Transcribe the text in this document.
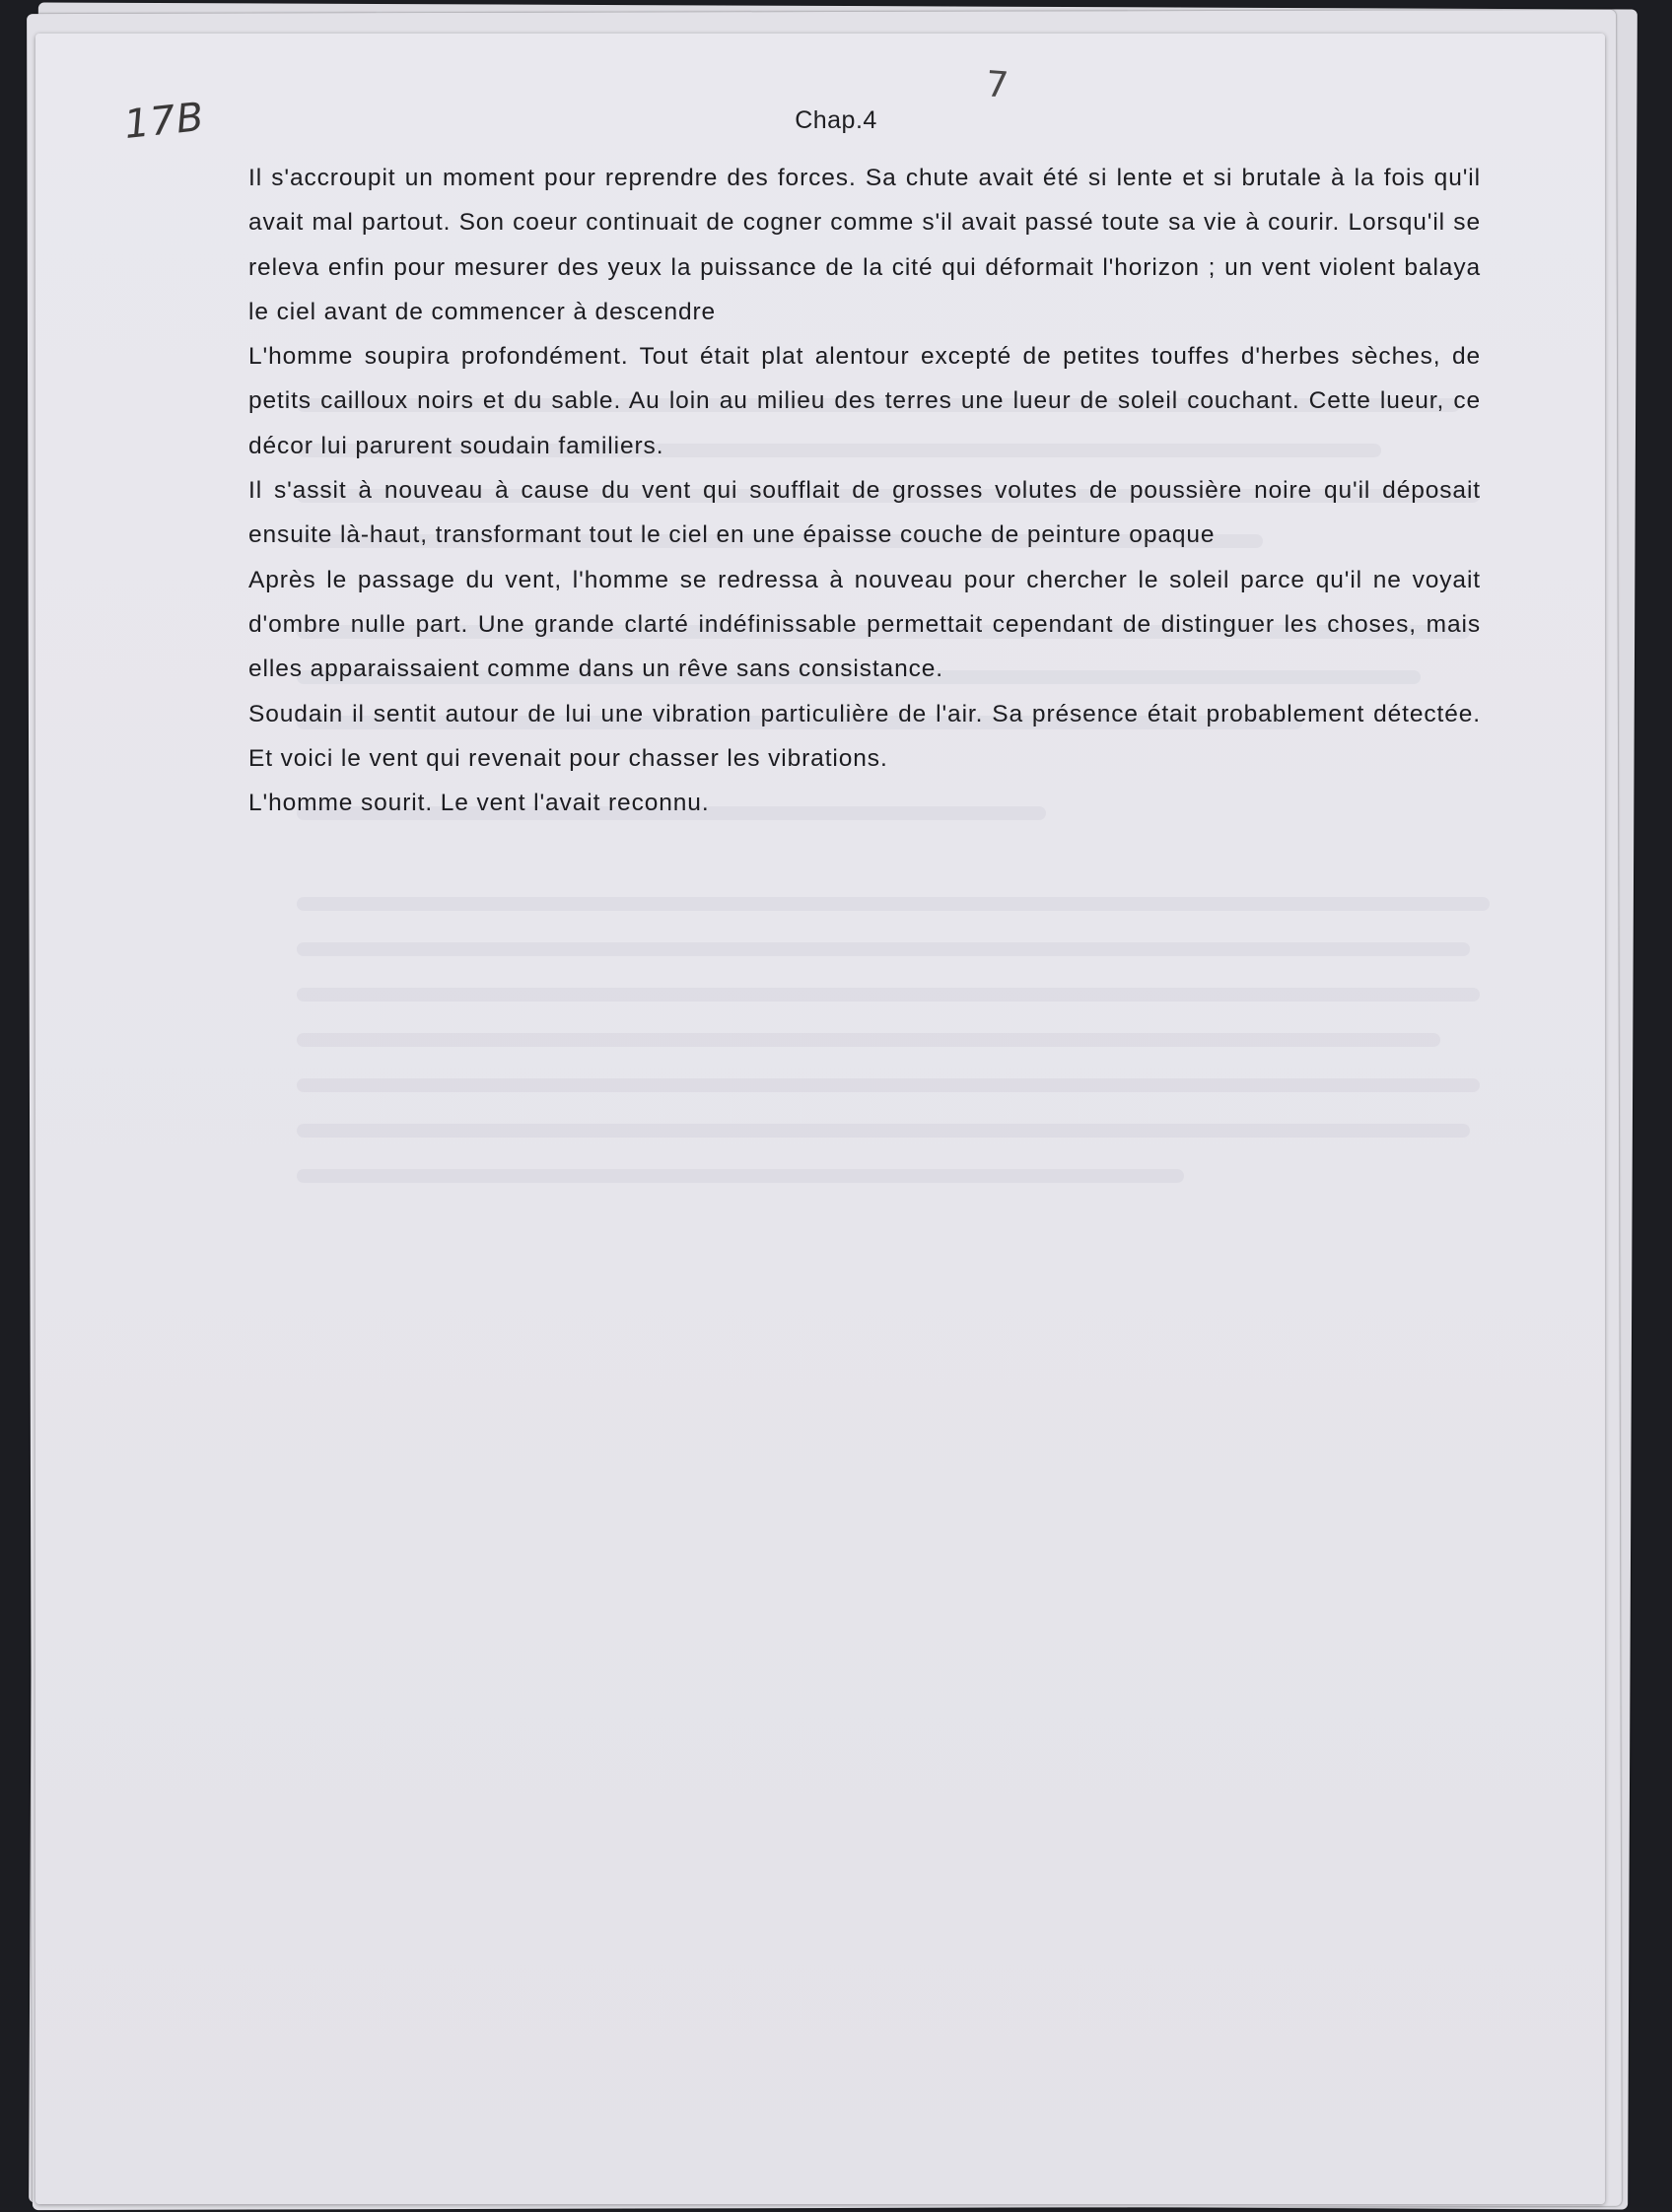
17B
7
Chap.4

Il s'accroupit un moment pour reprendre des forces. Sa chute avait été si lente et si brutale à la fois qu'il avait mal partout. Son coeur continuait de cogner comme s'il avait passé toute sa vie à courir. Lorsqu'il se releva enfin pour mesurer des yeux la puissance de la cité qui déformait l'horizon ; un vent violent balaya le ciel avant de commencer à descendre

L'homme soupira profondément. Tout était plat alentour excepté de petites touffes d'herbes sèches, de petits cailloux noirs et du sable. Au loin au milieu des terres une lueur de soleil couchant. Cette lueur, ce décor lui parurent soudain familiers.

Il s'assit à nouveau à cause du vent qui soufflait de grosses volutes de poussière noire qu'il déposait ensuite là-haut, transformant tout le ciel en une épaisse couche de peinture opaque

Après le passage du vent, l'homme se redressa à nouveau pour chercher le soleil parce qu'il ne voyait d'ombre nulle part. Une grande clarté indéfinissable permettait cependant de distinguer les choses, mais elles apparaissaient comme dans un rêve sans consistance.

Soudain il sentit autour de lui une vibration particulière de l'air. Sa présence était probablement détectée. Et voici le vent qui revenait pour chasser les vibrations.

L'homme sourit. Le vent l'avait reconnu.
